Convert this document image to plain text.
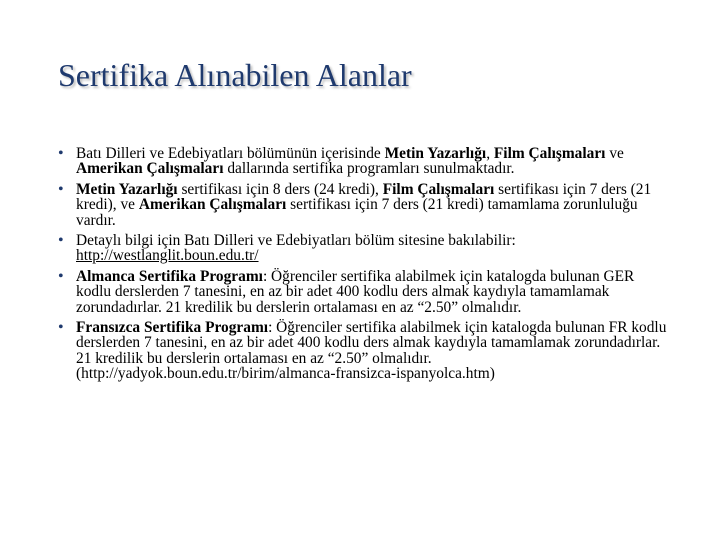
Sertifika Alınabilen Alanlar
• Batı Dilleri ve Edebiyatları bölümünün içerisinde Metin Yazarlığı, Film Çalışmaları ve Amerikan Çalışmaları dallarında sertifika programları sunulmaktadır.
• Metin Yazarlığı sertifikası için 8 ders (24 kredi), Film Çalışmaları sertifikası için 7 ders (21 kredi), ve Amerikan Çalışmaları sertifikası için 7 ders (21 kredi) tamamlama zorunluluğu vardır.
• Detaylı bilgi için Batı Dilleri ve Edebiyatları bölüm sitesine bakılabilir: http://westlanglit.boun.edu.tr/
• Almanca Sertifika Programı: Öğrenciler sertifika alabilmek için katalogda bulunan GER kodlu derslerden 7 tanesini, en az bir adet 400 kodlu ders almak kaydıyla tamamlamak zorundadırlar. 21 kredilik bu derslerin ortalaması en az “2.50” olmalıdır.
• Fransızca Sertifika Programı: Öğrenciler sertifika alabilmek için katalogda bulunan FR kodlu derslerden 7 tanesini, en az bir adet 400 kodlu ders almak kaydıyla tamamlamak zorundadırlar. 21 kredilik bu derslerin ortalaması en az “2.50” olmalıdır. (http://yadyok.boun.edu.tr/birim/almanca-fransizca-ispanyolca.htm)
